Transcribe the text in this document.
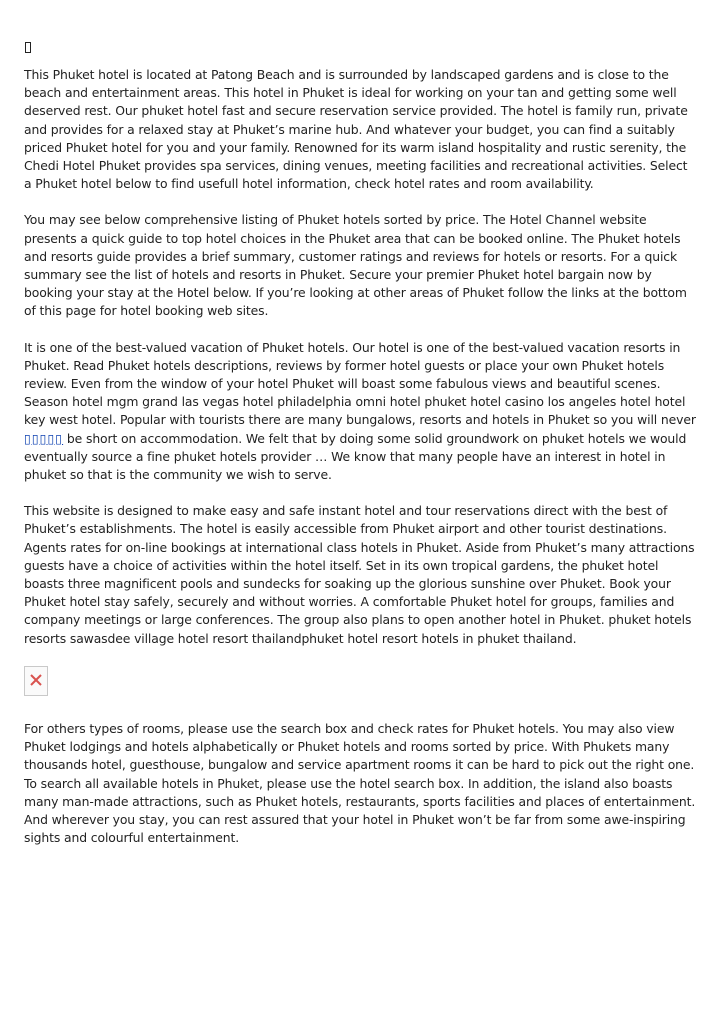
This Phuket hotel is located at Patong Beach and is surrounded by landscaped gardens and is close to the beach and entertainment areas. This hotel in Phuket is ideal for working on your tan and getting some well deserved rest. Our phuket hotel fast and secure reservation service provided. The hotel is family run, private and provides for a relaxed stay at Phuket’s marine hub. And whatever your budget, you can find a suitably priced Phuket hotel for you and your family. Renowned for its warm island hospitality and rustic serenity, the Chedi Hotel Phuket provides spa services, dining venues, meeting facilities and recreational activities. Select a Phuket hotel below to find usefull hotel information, check hotel rates and room availability.

You may see below comprehensive listing of Phuket hotels sorted by price. The Hotel Channel website presents a quick guide to top hotel choices in the Phuket area that can be booked online. The Phuket hotels and resorts guide provides a brief summary, customer ratings and reviews for hotels or resorts. For a quick summary see the list of hotels and resorts in Phuket. Secure your premier Phuket hotel bargain now by booking your stay at the Hotel below. If you’re looking at other areas of Phuket follow the links at the bottom of this page for hotel booking web sites.

It is one of the best-valued vacation of Phuket hotels. Our hotel is one of the best-valued vacation resorts in Phuket. Read Phuket hotels descriptions, reviews by former hotel guests or place your own Phuket hotels review. Even from the window of your hotel Phuket will boast some fabulous views and beautiful scenes. Season hotel mgm grand las vegas hotel philadelphia omni hotel phuket hotel casino los angeles hotel hotel key west hotel. Popular with tourists there are many bungalows, resorts and hotels in Phuket so you will never ▯▯▯▯▯ be short on accommodation. We felt that by doing some solid groundwork on phuket hotels we would eventually source a fine phuket hotels provider … We know that many people have an interest in hotel in phuket so that is the community we wish to serve.

This website is designed to make easy and safe instant hotel and tour reservations direct with the best of Phuket’s establishments. The hotel is easily accessible from Phuket airport and other tourist destinations. Agents rates for on-line bookings at international class hotels in Phuket. Aside from Phuket’s many attractions guests have a choice of activities within the hotel itself. Set in its own tropical gardens, the phuket hotel boasts three magnificent pools and sundecks for soaking up the glorious sunshine over Phuket. Book your Phuket hotel stay safely, securely and without worries. A comfortable Phuket hotel for groups, families and company meetings or large conferences. The group also plans to open another hotel in Phuket. phuket hotels resorts sawasdee village hotel resort thailandphuket hotel resort hotels in phuket thailand.

For others types of rooms, please use the search box and check rates for Phuket hotels. You may also view Phuket lodgings and hotels alphabetically or Phuket hotels and rooms sorted by price. With Phukets many thousands hotel, guesthouse, bungalow and service apartment rooms it can be hard to pick out the right one. To search all available hotels in Phuket, please use the hotel search box. In addition, the island also boasts many man-made attractions, such as Phuket hotels, restaurants, sports facilities and places of entertainment. And wherever you stay, you can rest assured that your hotel in Phuket won’t be far from some awe-inspiring sights and colourful entertainment.
